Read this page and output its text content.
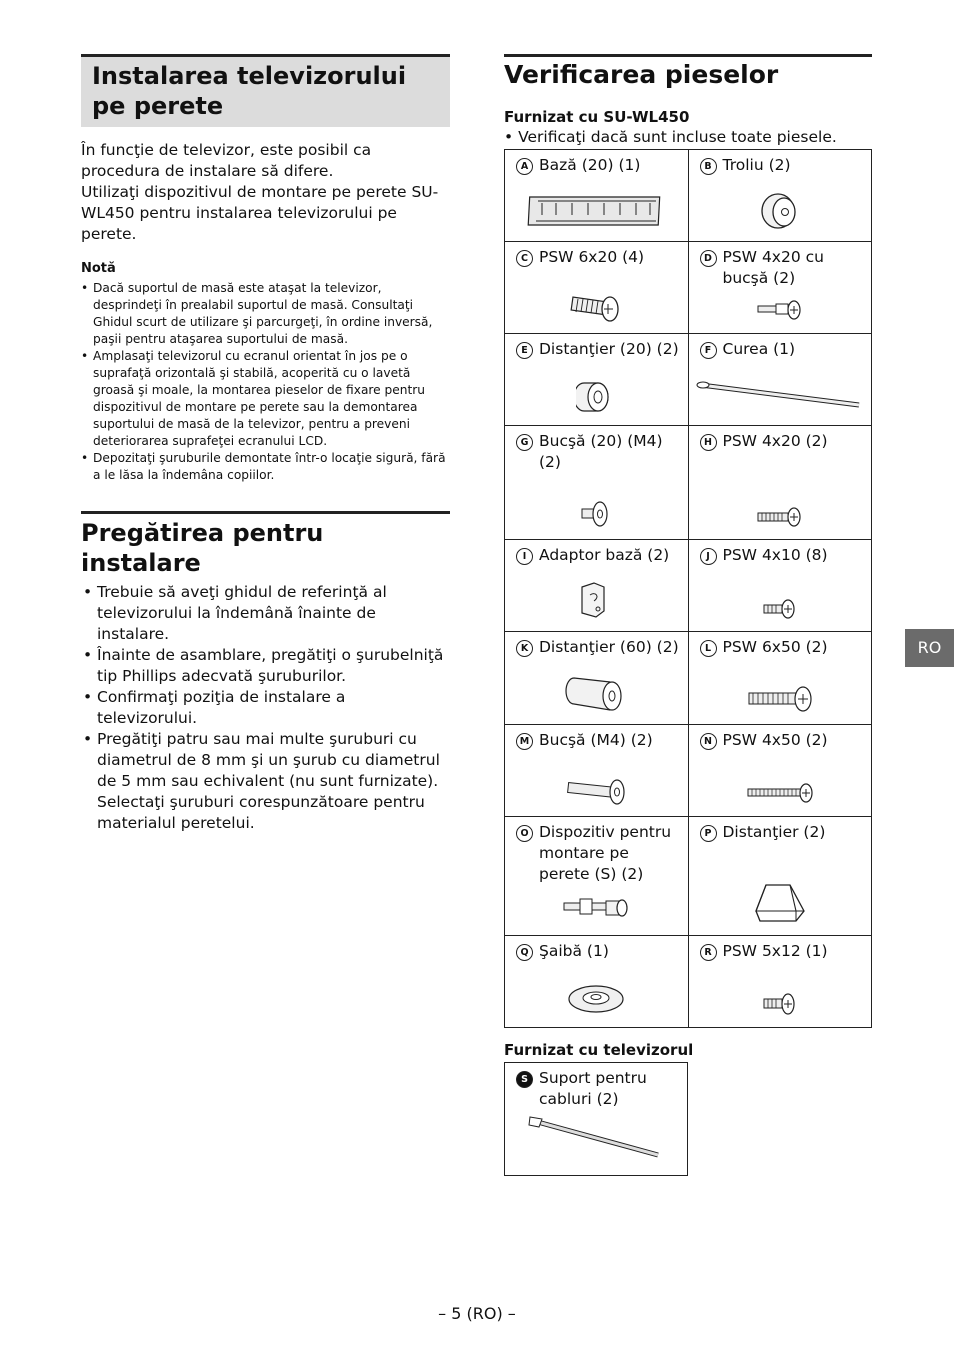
Instalarea televizorului pe perete

În funcţie de televizor, este posibil ca procedura de instalare să difere.

Utilizaţi dispozitivul de montare pe perete SU-WL450 pentru instalarea televizorului pe perete.

Notă
• Dacă suportul de masă este ataşat la televizor, desprindeţi în prealabil suportul de masă. Consultaţi Ghidul scurt de utilizare şi parcurgeţi, în ordine inversă, paşii pentru ataşarea suportului de masă.
• Amplasaţi televizorul cu ecranul orientat în jos pe o suprafaţă orizontală şi stabilă, acoperită cu o lavetă groasă şi moale, la montarea pieselor de fixare pentru dispozitivul de montare pe perete sau la demontarea suportului de masă de la televizor, pentru a preveni deteriorarea suprafeţei ecranului LCD.
• Depozitaţi şuruburile demontate într-o locaţie sigură, fără a le lăsa la îndemâna copiilor.
Pregătirea pentru instalare
• Trebuie să aveţi ghidul de referinţă al televizorului la îndemână înainte de instalare.
• Înainte de asamblare, pregătiţi o şurubelniţă tip Phillips adecvată şuruburilor.
• Confirmaţi poziţia de instalare a televizorului.
• Pregătiţi patru sau mai multe şuruburi cu diametrul de 8 mm şi un şurub cu diametrul de 5 mm sau echivalent (nu sunt furnizate). Selectaţi şuruburi corespunzătoare pentru materialul peretelui.
Verificarea pieselor
Furnizat cu SU-WL450
• Verificaţi dacă sunt incluse toate piesele.
A Bază (20) (1)	B Troliu (2)

C PSW 6x20 (4)	D PSW 4x20 cu bucşă (2)

E Distanţier (20) (2)	F Curea (1)

G Bucşă (20) (M4) (2)	H PSW 4x20 (2)

I Adaptor bază (2)	J PSW 4x10 (8)

K Distanţier (60) (2)	L PSW 6x50 (2)

M Bucşă (M4) (2)	N PSW 4x50 (2)

O Dispozitiv pentru montare pe perete (S) (2)	P Distanţier (2)

Q Şaibă (1)	R PSW 5x12 (1)
Furnizat cu televizorul
S Suport pentru cabluri (2)
RO
– 5 (RO) –
